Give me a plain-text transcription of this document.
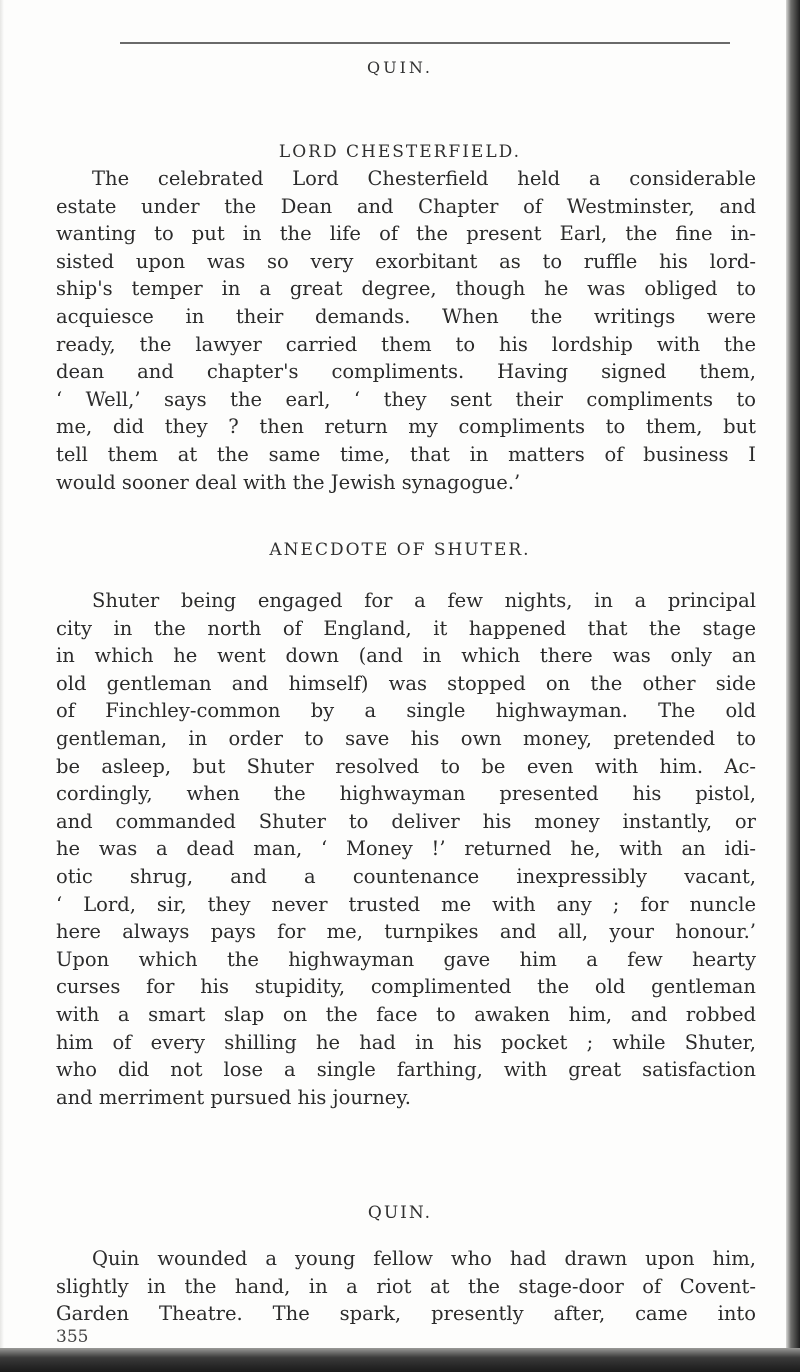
QUIN.
LORD CHESTERFIELD.
The celebrated Lord Chesterfield held a considerable
estate under the Dean and Chapter of Westminster, and
wanting to put in the life of the present Earl, the fine in-
sisted upon was so very exorbitant as to ruffle his lord-
ship's temper in a great degree, though he was obliged to
acquiesce in their demands. When the writings were
ready, the lawyer carried them to his lordship with the
dean and chapter's compliments. Having signed them,
‘ Well,’ says the earl, ‘ they sent their compliments to
me, did they ? then return my compliments to them, but
tell them at the same time, that in matters of business I
would sooner deal with the Jewish synagogue.’
ANECDOTE OF SHUTER.
Shuter being engaged for a few nights, in a principal
city in the north of England, it happened that the stage
in which he went down (and in which there was only an
old gentleman and himself) was stopped on the other side
of Finchley-common by a single highwayman. The old
gentleman, in order to save his own money, pretended to
be asleep, but Shuter resolved to be even with him. Ac-
cordingly, when the highwayman presented his pistol,
and commanded Shuter to deliver his money instantly, or
he was a dead man, ‘ Money !’ returned he, with an idi-
otic shrug, and a countenance inexpressibly vacant,
‘ Lord, sir, they never trusted me with any ; for nuncle
here always pays for me, turnpikes and all, your honour.’
Upon which the highwayman gave him a few hearty
curses for his stupidity, complimented the old gentleman
with a smart slap on the face to awaken him, and robbed
him of every shilling he had in his pocket ; while Shuter,
who did not lose a single farthing, with great satisfaction
and merriment pursued his journey.
QUIN.
Quin wounded a young fellow who had drawn upon him,
slightly in the hand, in a riot at the stage-door of Covent-
Garden Theatre. The spark, presently after, came into
355
